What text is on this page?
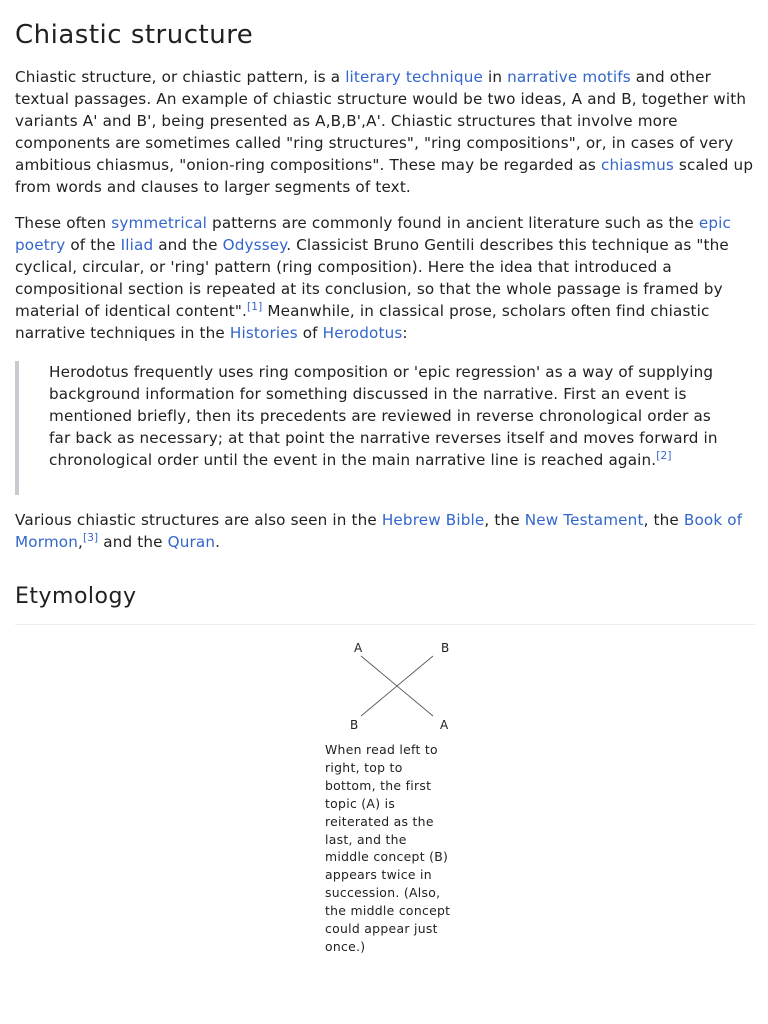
Chiastic structure

Chiastic structure, or chiastic pattern, is a literary technique in narrative motifs and other textual passages. An example of chiastic structure would be two ideas, A and B, together with variants A' and B', being presented as A,B,B',A'. Chiastic structures that involve more components are sometimes called "ring structures", "ring compositions", or, in cases of very ambitious chiasmus, "onion-ring compositions". These may be regarded as chiasmus scaled up from words and clauses to larger segments of text.

These often symmetrical patterns are commonly found in ancient literature such as the epic poetry of the Iliad and the Odyssey. Classicist Bruno Gentili describes this technique as "the cyclical, circular, or 'ring' pattern (ring composition). Here the idea that introduced a compositional section is repeated at its conclusion, so that the whole passage is framed by material of identical content".[1] Meanwhile, in classical prose, scholars often find chiastic narrative techniques in the Histories of Herodotus:

Herodotus frequently uses ring composition or 'epic regression' as a way of supplying background information for something discussed in the narrative. First an event is mentioned briefly, then its precedents are reviewed in reverse chronological order as far back as necessary; at that point the narrative reverses itself and moves forward in chronological order until the event in the main narrative line is reached again.[2]

Various chiastic structures are also seen in the Hebrew Bible, the New Testament, the Book of Mormon,[3] and the Quran.

Etymology
A	B
B	A
When read left to right, top to bottom, the first topic (A) is reiterated as the last, and the middle concept (B) appears twice in succession. (Also, the middle concept could appear just once.)
